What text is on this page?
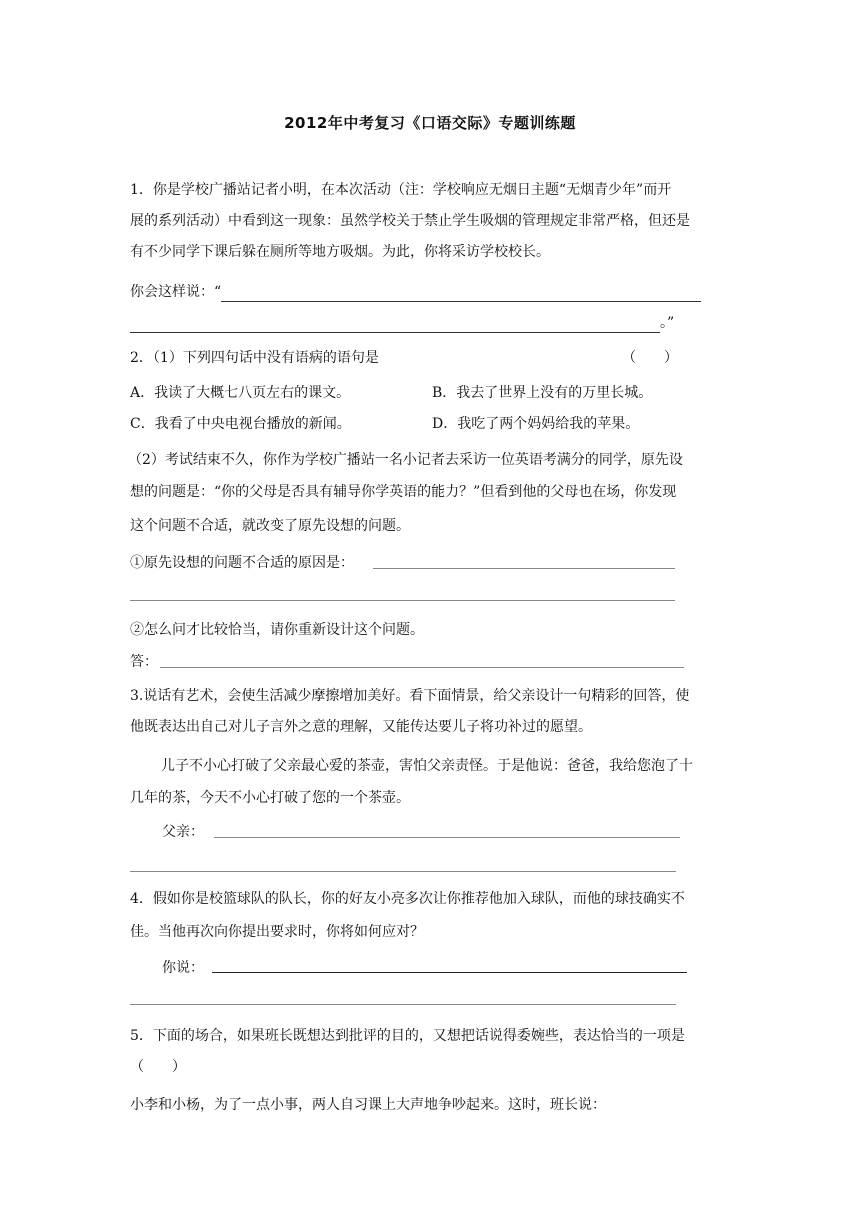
2012年中考复习《口语交际》专题训练题
1．你是学校广播站记者小明，在本次活动（注：学校响应无烟日主题“无烟青少年”而开
展的系列活动）中看到这一现象：虽然学校关于禁止学生吸烟的管理规定非常严格，但还是
有不少同学下课后躲在厕所等地方吸烟。为此，你将采访学校校长。
你会这样说：“
。”
2．（1）下列四句话中没有语病的语句是	（　　）
A．我读了大概七八页左右的课文。	B．我去了世界上没有的万里长城。
C．我看了中央电视台播放的新闻。	D．我吃了两个妈妈给我的苹果。
（2）考试结束不久，你作为学校广播站一名小记者去采访一位英语考满分的同学，原先设
想的问题是：“你的父母是否具有辅导你学英语的能力？”但看到他的父母也在场，你发现
这个问题不合适，就改变了原先设想的问题。
①原先设想的问题不合适的原因是：
②怎么问才比较恰当，请你重新设计这个问题。
答：
3.说话有艺术，会使生活减少摩擦增加美好。看下面情景，给父亲设计一句精彩的回答，使
他既表达出自己对儿子言外之意的理解，又能传达要儿子将功补过的愿望。
儿子不小心打破了父亲最心爱的茶壶，害怕父亲责怪。于是他说：爸爸，我给您泡了十
几年的茶，今天不小心打破了您的一个茶壶。
父亲：
4．假如你是校篮球队的队长，你的好友小亮多次让你推荐他加入球队，而他的球技确实不
佳。当他再次向你提出要求时，你将如何应对？
你说：
5．下面的场合，如果班长既想达到批评的目的，又想把话说得委婉些，表达恰当的一项是
（　　）
小李和小杨，为了一点小事，两人自习课上大声地争吵起来。这时，班长说：
